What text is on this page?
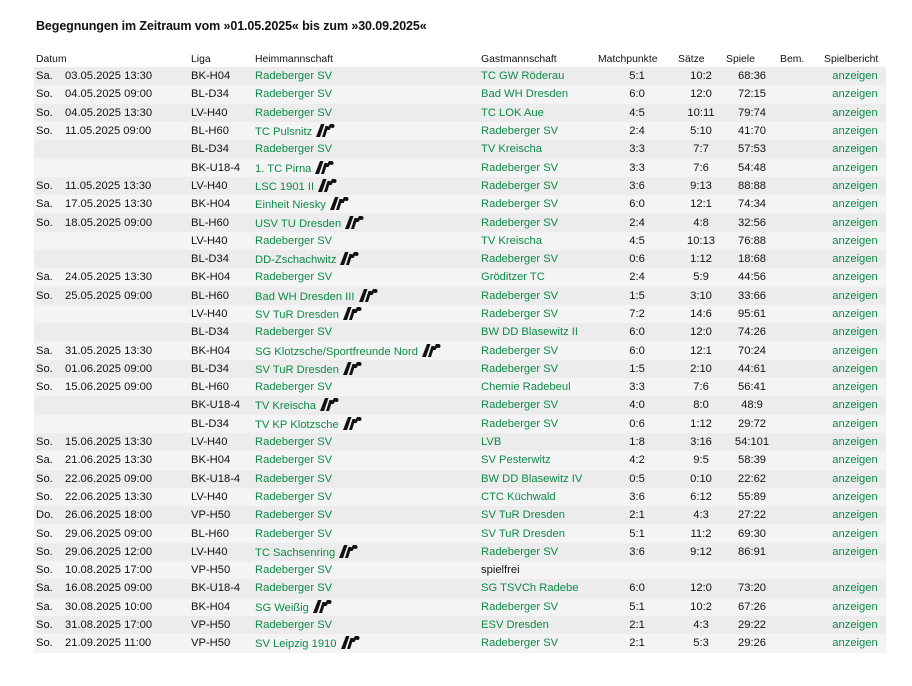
Begegnungen im Zeitraum vom »01.05.2025« bis zum »30.09.2025«
Datum		Liga	Heimmannschaft	Gastmannschaft	Matchpunkte	Sätze	Spiele	Bem.	Spielbericht
Sa.	03.05.2025 13:30	BK-H04	Radeberger SV	TC GW Röderau	5:1	10:2	68:36		anzeigen
So.	04.05.2025 09:00	BL-D34	Radeberger SV	Bad WH Dresden	6:0	12:0	72:15		anzeigen
So.	04.05.2025 13:30	LV-H40	Radeberger SV	TC LOK Aue	4:5	10:11	79:74		anzeigen
So.	11.05.2025 09:00	BL-H60	TC Pulsnitz	Radeberger SV	2:4	5:10	41:70		anzeigen
		BL-D34	Radeberger SV	TV Kreischa	3:3	7:7	57:53		anzeigen
		BK-U18-4	1. TC Pirna	Radeberger SV	3:3	7:6	54:48		anzeigen
So.	11.05.2025 13:30	LV-H40	LSC 1901 II	Radeberger SV	3:6	9:13	88:88		anzeigen
Sa.	17.05.2025 13:30	BK-H04	Einheit Niesky	Radeberger SV	6:0	12:1	74:34		anzeigen
So.	18.05.2025 09:00	BL-H60	USV TU Dresden	Radeberger SV	2:4	4:8	32:56		anzeigen
		LV-H40	Radeberger SV	TV Kreischa	4:5	10:13	76:88		anzeigen
		BL-D34	DD-Zschachwitz	Radeberger SV	0:6	1:12	18:68		anzeigen
Sa.	24.05.2025 13:30	BK-H04	Radeberger SV	Gröditzer TC	2:4	5:9	44:56		anzeigen
So.	25.05.2025 09:00	BL-H60	Bad WH Dresden III	Radeberger SV	1:5	3:10	33:66		anzeigen
		LV-H40	SV TuR Dresden	Radeberger SV	7:2	14:6	95:61		anzeigen
		BL-D34	Radeberger SV	BW DD Blasewitz II	6:0	12:0	74:26		anzeigen
Sa.	31.05.2025 13:30	BK-H04	SG Klotzsche/Sportfreunde Nord	Radeberger SV	6:0	12:1	70:24		anzeigen
So.	01.06.2025 09:00	BL-D34	SV TuR Dresden	Radeberger SV	1:5	2:10	44:61		anzeigen
So.	15.06.2025 09:00	BL-H60	Radeberger SV	Chemie Radebeul	3:3	7:6	56:41		anzeigen
		BK-U18-4	TV Kreischa	Radeberger SV	4:0	8:0	48:9		anzeigen
		BL-D34	TV KP Klotzsche	Radeberger SV	0:6	1:12	29:72		anzeigen
So.	15.06.2025 13:30	LV-H40	Radeberger SV	LVB	1:8	3:16	54:101		anzeigen
Sa.	21.06.2025 13:30	BK-H04	Radeberger SV	SV Pesterwitz	4:2	9:5	58:39		anzeigen
So.	22.06.2025 09:00	BK-U18-4	Radeberger SV	BW DD Blasewitz IV	0:5	0:10	22:62		anzeigen
So.	22.06.2025 13:30	LV-H40	Radeberger SV	CTC Küchwald	3:6	6:12	55:89		anzeigen
Do.	26.06.2025 18:00	VP-H50	Radeberger SV	SV TuR Dresden	2:1	4:3	27:22		anzeigen
So.	29.06.2025 09:00	BL-H60	Radeberger SV	SV TuR Dresden	5:1	11:2	69:30		anzeigen
So.	29.06.2025 12:00	LV-H40	TC Sachsenring	Radeberger SV	3:6	9:12	86:91		anzeigen
So.	10.08.2025 17:00	VP-H50	Radeberger SV	spielfrei					
Sa.	16.08.2025 09:00	BK-U18-4	Radeberger SV	SG TSVCh Radebe	6:0	12:0	73:20		anzeigen
Sa.	30.08.2025 10:00	BK-H04	SG Weißig	Radeberger SV	5:1	10:2	67:26		anzeigen
So.	31.08.2025 17:00	VP-H50	Radeberger SV	ESV Dresden	2:1	4:3	29:22		anzeigen
So.	21.09.2025 11:00	VP-H50	SV Leipzig 1910	Radeberger SV	2:1	5:3	29:26		anzeigen
